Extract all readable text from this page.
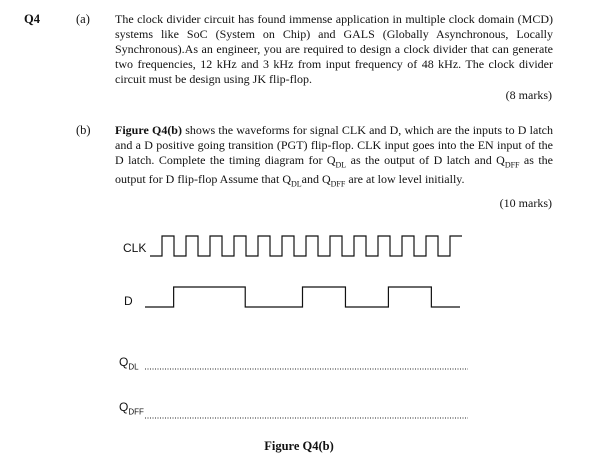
Q4	(a) The clock divider circuit has found immense application in multiple clock domain (MCD) systems like SoC (System on Chip) and GALS (Globally Asynchronous, Locally Synchronous).As an engineer, you are required to design a clock divider that can generate two frequencies, 12 kHz and 3 kHz from input frequency of 48 kHz. The clock divider circuit must be design using JK flip-flop.
(8 marks)
(b) Figure Q4(b) shows the waveforms for signal CLK and D, which are the inputs to D latch and a D positive going transition (PGT) flip-flop. CLK input goes into the EN input of the D latch. Complete the timing diagram for $Q_{DL}$ as the output of D latch and $Q_{DFF}$ as the output for D flip-flop Assume that $Q_{DL}and$ $Q_{DFF}$ are at low level initially.
(10 marks)
CLK
D
$Q_{DL}$
$Q_{DFF}$
Figure Q4(b)
